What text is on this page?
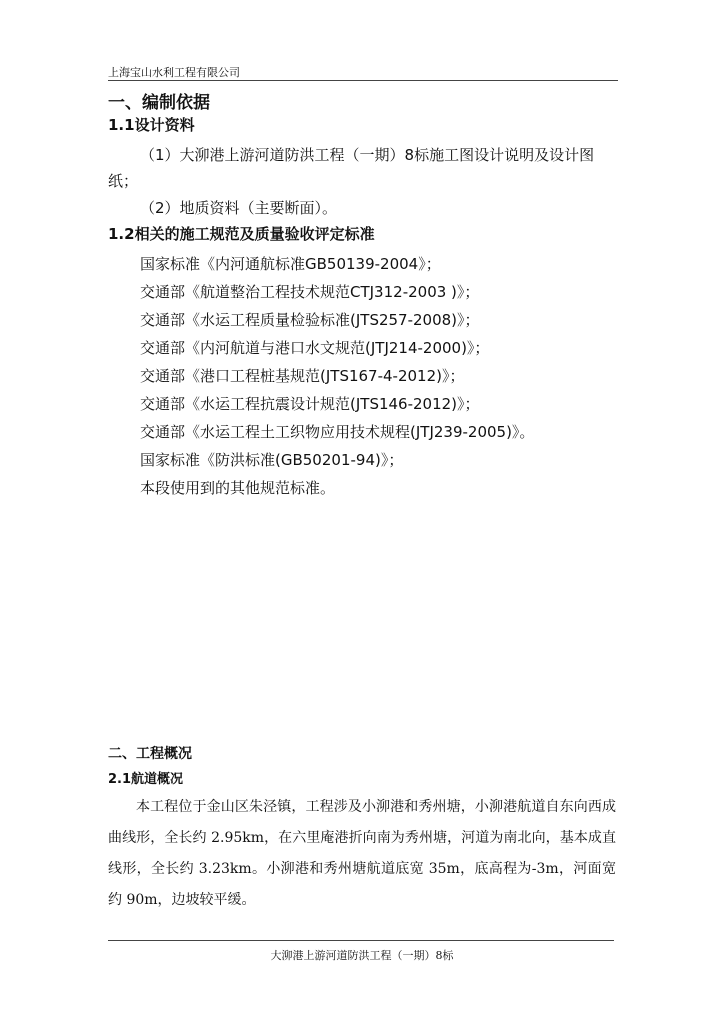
上海宝山水利工程有限公司
一、编制依据
1.1设计资料
（1）大泖港上游河道防洪工程（一期）8标施工图设计说明及设计图纸；
（2）地质资料（主要断面）。
1.2相关的施工规范及质量验收评定标准
国家标准《内河通航标准GB50139-2004》；
交通部《航道整治工程技术规范CTJ312-2003 )》；
交通部《水运工程质量检验标准(JTS257-2008)》；
交通部《内河航道与港口水文规范(JTJ214-2000)》；
交通部《港口工程桩基规范(JTS167-4-2012)》；
交通部《水运工程抗震设计规范(JTS146-2012)》；
交通部《水运工程土工织物应用技术规程(JTJ239-2005)》。
国家标准《防洪标准(GB50201-94)》；
本段使用到的其他规范标准。
二、工程概况
2.1航道概况
本工程位于金山区朱泾镇，工程涉及小泖港和秀州塘，小泖港航道自东向西成曲线形，全长约 2.95km，在六里庵港折向南为秀州塘，河道为南北向，基本成直线形，全长约 3.23km。小泖港和秀州塘航道底宽 35m，底高程为-3m，河面宽约 90m，边坡较平缓。
大泖港上游河道防洪工程（一期）8标
